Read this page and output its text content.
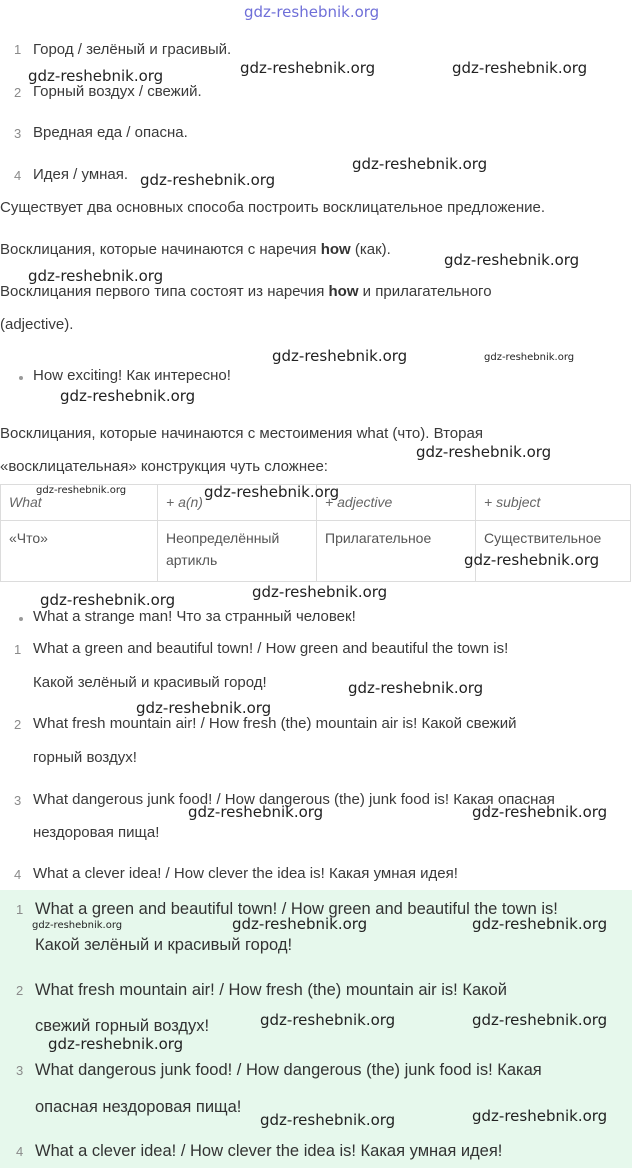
gdz-reshebnik.org
1 Город / зелёный и грасивый.
2 Горный воздух / свежий.
3 Вредная еда / опасна.
4 Идея / умная.
Существует два основных способа построить восклицательное предложение.
Восклицания, которые начинаются с наречия how (как).
Восклицания первого типа состоят из наречия how и прилагательного
(adjective).
How exciting! Как интересно!
Восклицания, которые начинаются с местоимения what (что). Вторая
«восклицательная» конструкция чуть сложнее:
What	+ a(n)	+ adjective	+ subject
«Что»	Неопределённый артикль	Прилагательное	Существительное
What a strange man! Что за странный человек!
1 What a green and beautiful town! / How green and beautiful the town is!
Какой зелёный и красивый город!
2 What fresh mountain air! / How fresh (the) mountain air is! Какой свежий
горный воздух!
3 What dangerous junk food! / How dangerous (the) junk food is! Какая опасная
нездоровая пища!
4 What a clever idea! / How clever the idea is! Какая умная идея!
1 What a green and beautiful town! / How green and beautiful the town is!
Какой зелёный и красивый город!
2 What fresh mountain air! / How fresh (the) mountain air is! Какой
свежий горный воздух!
3 What dangerous junk food! / How dangerous (the) junk food is! Какая
опасная нездоровая пища!
4 What a clever idea! / How clever the idea is! Какая умная идея!
gdz-reshebnik.org	gdz-reshebnik.org	gdz-reshebnik.org
gdz-reshebnik.org
gdz-reshebnik.org
gdz-reshebnik.org
gdz-reshebnik.org
gdz-reshebnik.org	gdz-reshebnik.org
gdz-reshebnik.org
gdz-reshebnik.org
gdz-reshebnik.org	gdz-reshebnik.org
gdz-reshebnik.org
gdz-reshebnik.org
gdz-reshebnik.org
gdz-reshebnik.org
gdz-reshebnik.org
gdz-reshebnik.org	gdz-reshebnik.org
gdz-reshebnik.org	gdz-reshebnik.org	gdz-reshebnik.org
gdz-reshebnik.org	gdz-reshebnik.org
gdz-reshebnik.org
gdz-reshebnik.org	gdz-reshebnik.org
